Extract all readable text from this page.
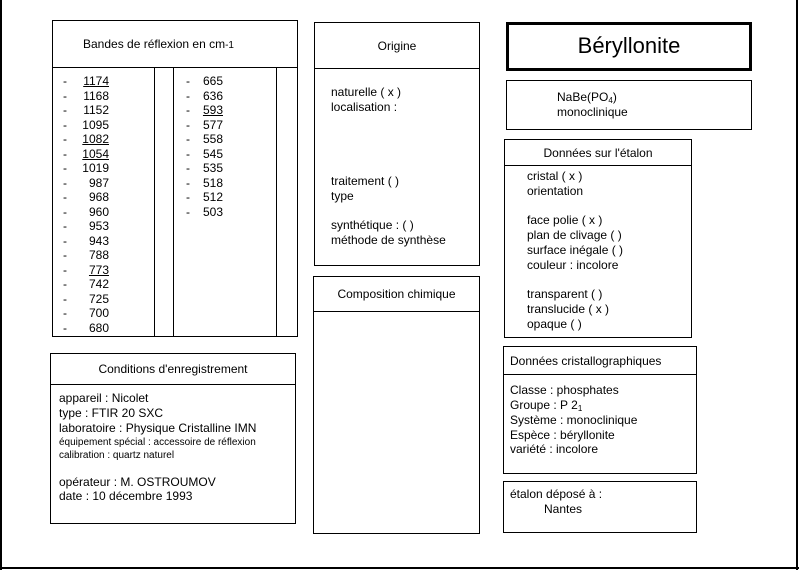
Bandes de réflexion en cm -1
-	1174
-	1168
-	1152
-	1095
-	1082
-	1054
-	1019
-	987
-	968
-	960
-	953
-	943
-	788
-	773
-	742
-	725
-	700
-	680
-	665
-	636
-	593
-	577
-	558
-	545
-	535
-	518
-	512
-	503
Origine
naturelle ( x )
localisation :
traitement ( )
type
synthétique : ( )
méthode de synthèse
Composition chimique
Béryllonite
$NaBe(PO_4)$
monoclinique
Données sur l'étalon
cristal ( x )
orientation
face polie ( x )
plan de clivage ( )
surface inégale ( )
couleur : incolore
transparent ( )
translucide ( x )
opaque ( )
Données cristallographiques
Classe : phosphates
Groupe : P $2_1$
Système : monoclinique
Espèce : béryllonite
variété : incolore
étalon déposé à :
Nantes
Conditions d'enregistrement
appareil : Nicolet
type : FTIR 20 SXC
laboratoire : Physique Cristalline IMN
équipement spécial : accessoire de réflexion
calibration : quartz naturel
opérateur : M. OSTROUMOV
date : 10 décembre 1993
